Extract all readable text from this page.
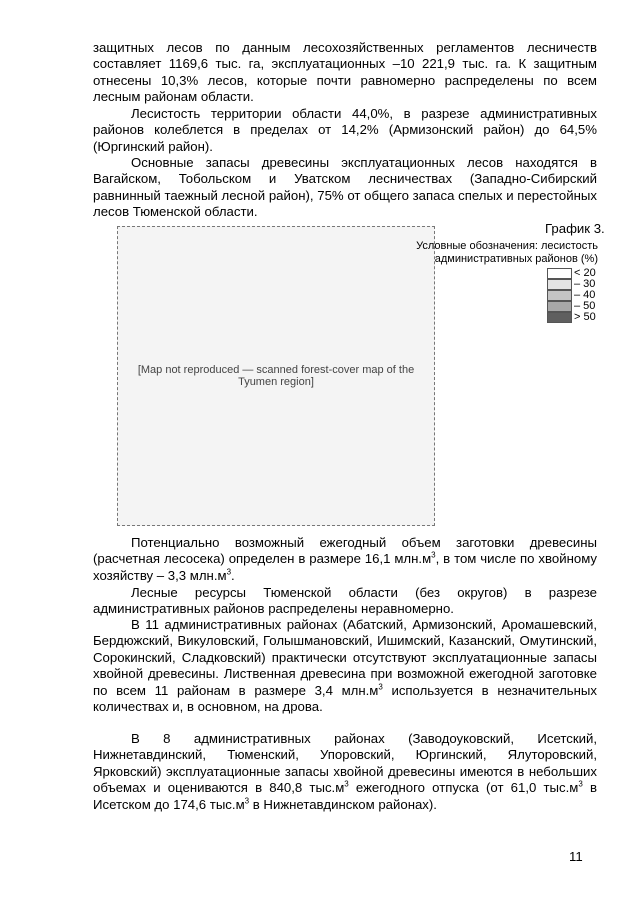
защитных лесов по данным лесохозяйственных регламентов лесничеств составляет 1169,6 тыс. га, эксплуатационных –10 221,9 тыс. га. К защитным отнесены 10,3% лесов, которые почти равномерно распределены по всем лесным районам области.

Лесистость территории области 44,0%, в разрезе административных районов колеблется в пределах от 14,2% (Армизонский район) до 64,5% (Юргинский район).

Основные запасы древесины эксплуатационных лесов находятся в Вагайском, Тобольском и Уватском лесничествах (Западно-Сибирский равнинный таежный лесной район), 75% от общего запаса спелых и перестойных лесов Тюменской области.

График 3.
[Map not reproduced — scanned forest-cover map of the Tyumen region]
Условные обозначения: лесистость
административных районов (%)
< 20
– 30
– 40
– 50
> 50

Потенциально возможный ежегодный объем заготовки древесины (расчетная лесосека) определен в размере 16,1 $млн.м^3$, в том числе по хвойному хозяйству – 3,3 $млн.м^3$.

Лесные ресурсы Тюменской области (без округов) в разрезе административных районов распределены неравномерно.

В 11 административных районах (Абатский, Армизонский, Аромашевский, Бердюжский, Викуловский, Голышмановский, Ишимский, Казанский, Омутинский, Сорокинский, Сладковский) практически отсутствуют эксплуатационные запасы хвойной древесины. Лиственная древесина при возможной ежегодной заготовке по всем 11 районам в размере 3,4 $млн.м^3$ используется в незначительных количествах и, в основном, на дрова.

В 8 административных районах (Заводоуковский, Исетский, Нижнетавдинский, Тюменский, Упоровский, Юргинский, Ялуторовский, Ярковский) эксплуатационные запасы хвойной древесины имеются в небольших объемах и оцениваются в 840,8 $тыс.м^3$ ежегодного отпуска (от 61,0 $тыс.м^3$ в Исетском до 174,6 $тыс.м^3$ в Нижнетавдинском районах).

11
